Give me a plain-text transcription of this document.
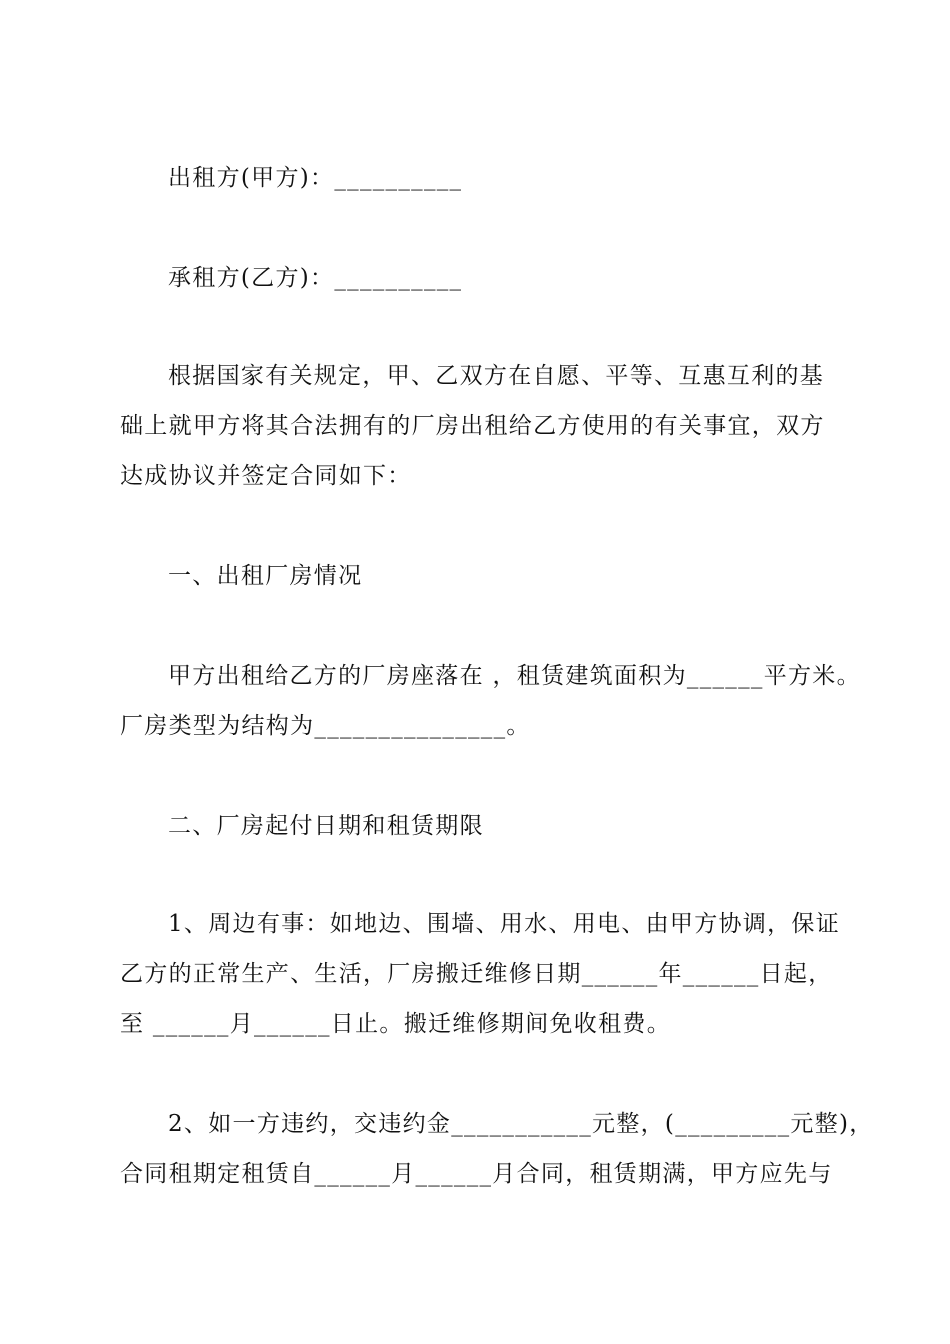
出租方(甲方)：__________
承租方(乙方)：__________
根据国家有关规定，甲、乙双方在自愿、平等、互惠互利的基
础上就甲方将其合法拥有的厂房出租给乙方使用的有关事宜，双方
达成协议并签定合同如下：
一、出租厂房情况
甲方出租给乙方的厂房座落在 ，租赁建筑面积为______平方米。
厂房类型为结构为_______________。
二、厂房起付日期和租赁期限
1、周边有事：如地边、围墙、用水、用电、由甲方协调，保证
乙方的正常生产、生活，厂房搬迁维修日期______年______日起，
至 ______月______日止。搬迁维修期间免收租费。
2、如一方违约，交违约金___________元整，(_________元整)，
合同租期定租赁自______月______月合同，租赁期满，甲方应先与
